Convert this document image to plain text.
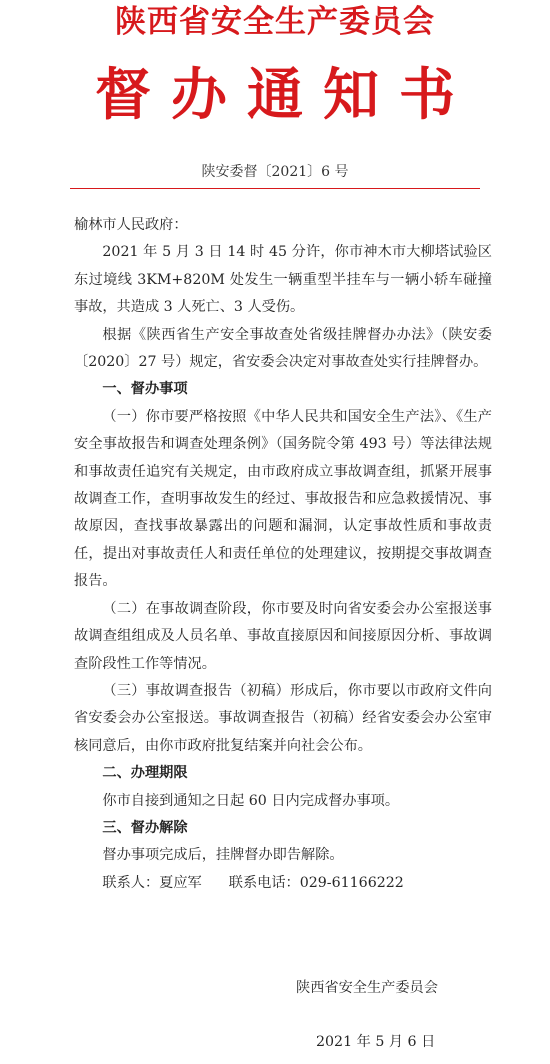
陕西省安全生产委员会
督办通知书
陕安委督〔2021〕6 号

榆林市人民政府：

2021 年 5 月 3 日 14 时 45 分许，你市神木市大柳塔试验区东过境线 3KM+820M 处发生一辆重型半挂车与一辆小轿车碰撞事故，共造成 3 人死亡、3 人受伤。

根据《陕西省生产安全事故查处省级挂牌督办办法》（陕安委〔2020〕27 号）规定，省安委会决定对事故查处实行挂牌督办。

一、督办事项

（一）你市要严格按照《中华人民共和国安全生产法》、《生产安全事故报告和调查处理条例》（国务院令第 493 号）等法律法规和事故责任追究有关规定，由市政府成立事故调查组，抓紧开展事故调查工作，查明事故发生的经过、事故报告和应急救援情况、事故原因，查找事故暴露出的问题和漏洞，认定事故性质和事故责任，提出对事故责任人和责任单位的处理建议，按期提交事故调查报告。

（二）在事故调查阶段，你市要及时向省安委会办公室报送事故调查组组成及人员名单、事故直接原因和间接原因分析、事故调查阶段性工作等情况。

（三）事故调查报告（初稿）形成后，你市要以市政府文件向省安委会办公室报送。事故调查报告（初稿）经省安委会办公室审核同意后，由你市政府批复结案并向社会公布。

二、办理期限

你市自接到通知之日起 60 日内完成督办事项。

三、督办解除

督办事项完成后，挂牌督办即告解除。

联系人：夏应军 联系电话：029-61166222

陕西省安全生产委员会
2021 年 5 月 6 日
